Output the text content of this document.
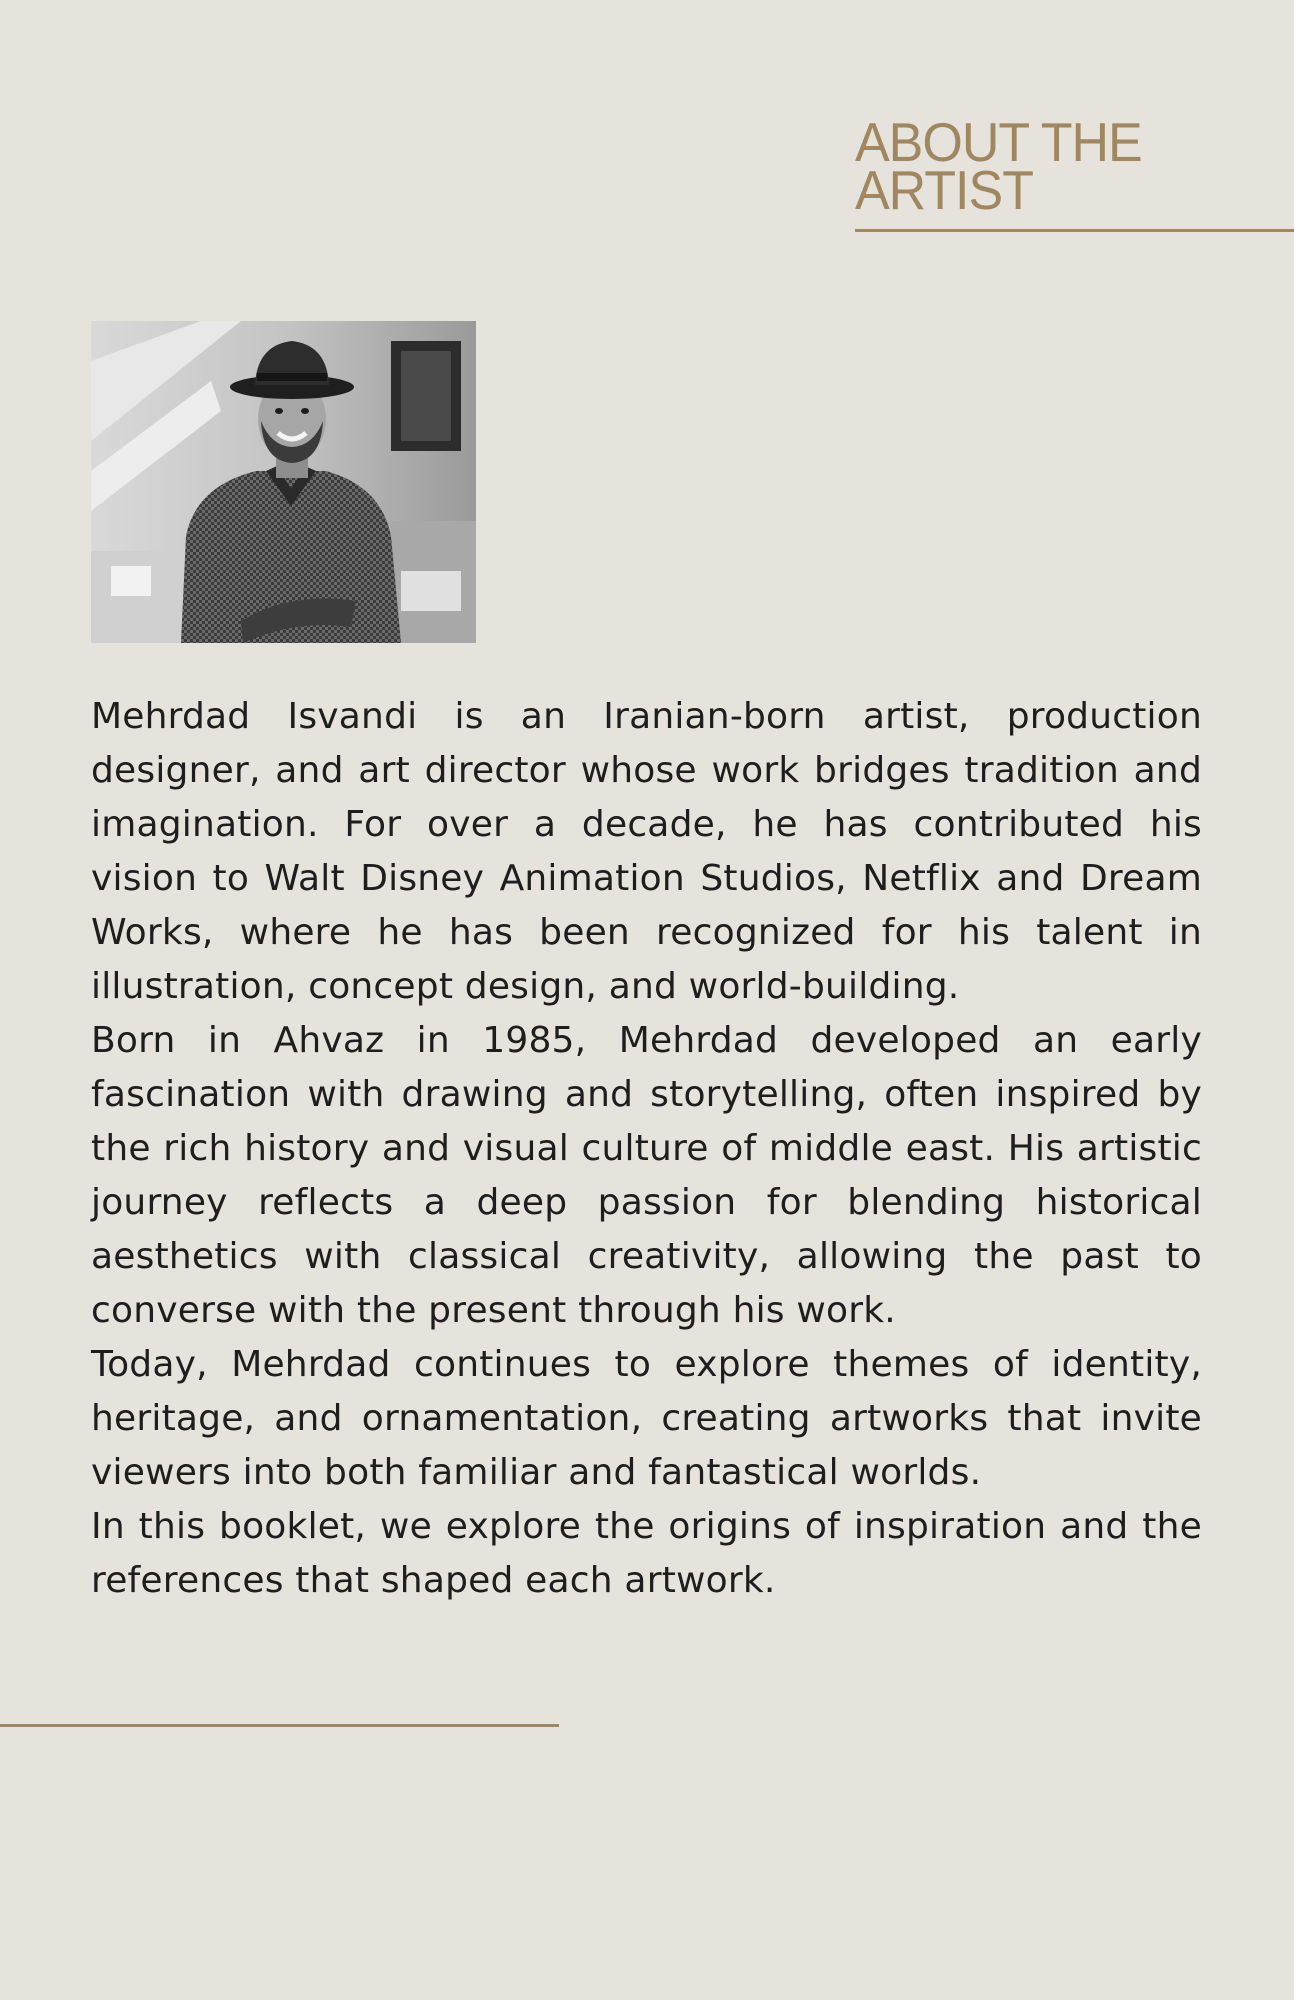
ABOUT THE
ARTIST

Mehrdad Isvandi is an Iranian-born artist, production designer, and art director whose work bridges tradition and imagination. For over a decade, he has contributed his vision to Walt Disney Animation Studios, Netflix and Dream Works, where he has been recognized for his talent in illustration, concept design, and world-building.

Born in Ahvaz in 1985, Mehrdad developed an early fascination with drawing and storytelling, often inspired by the rich history and visual culture of middle east. His artistic journey reflects a deep passion for blending historical aesthetics with classical creativity, allowing the past to converse with the present through his work.

Today, Mehrdad continues to explore themes of identity, heritage, and ornamentation, creating artworks that invite viewers into both familiar and fantastical worlds.

In this booklet, we explore the origins of inspiration and the references that shaped each artwork.
